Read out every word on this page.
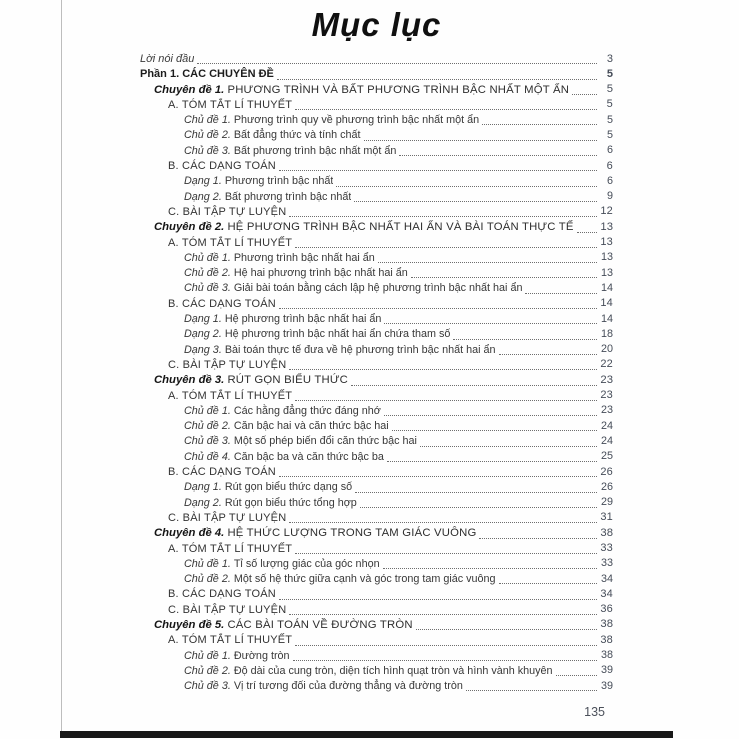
Mục lục
Lời nói đầu	3
Phần 1. CÁC CHUYÊN ĐỀ	5
Chuyên đề 1. PHƯƠNG TRÌNH VÀ BẤT PHƯƠNG TRÌNH BẬC NHẤT MỘT ẨN	5
A. TÓM TẮT LÍ THUYẾT	5
Chủ đề 1. Phương trình quy về phương trình bậc nhất một ẩn	5
Chủ đề 2. Bất đẳng thức và tính chất	5
Chủ đề 3. Bất phương trình bậc nhất một ẩn	6
B. CÁC DẠNG TOÁN	6
Dạng 1. Phương trình bậc nhất	6
Dạng 2. Bất phương trình bậc nhất	9
C. BÀI TẬP TỰ LUYỆN	12
Chuyên đề 2. HỆ PHƯƠNG TRÌNH BẬC NHẤT HAI ẨN VÀ BÀI TOÁN THỰC TẾ 13
A. TÓM TẮT LÍ THUYẾT	13
Chủ đề 1. Phương trình bậc nhất hai ẩn	13
Chủ đề 2. Hệ hai phương trình bậc nhất hai ẩn	13
Chủ đề 3. Giải bài toán bằng cách lập hệ phương trình bậc nhất hai ẩn	14
B. CÁC DẠNG TOÁN	14
Dạng 1. Hệ phương trình bậc nhất hai ẩn	14
Dạng 2. Hệ phương trình bậc nhất hai ẩn chứa tham số	18
Dạng 3. Bài toán thực tế đưa về hệ phương trình bậc nhất hai ẩn	20
C. BÀI TẬP TỰ LUYỆN	22
Chuyên đề 3. RÚT GỌN BIỂU THỨC	23
A. TÓM TẮT LÍ THUYẾT	23
Chủ đề 1. Các hằng đẳng thức đáng nhớ	23
Chủ đề 2. Căn bậc hai và căn thức bậc hai	24
Chủ đề 3. Một số phép biến đổi căn thức bậc hai	24
Chủ đề 4. Căn bậc ba và căn thức bậc ba	25
B. CÁC DẠNG TOÁN	26
Dạng 1. Rút gọn biểu thức dạng số	26
Dạng 2. Rút gọn biểu thức tổng hợp	29
C. BÀI TẬP TỰ LUYỆN	31
Chuyên đề 4. HỆ THỨC LƯỢNG TRONG TAM GIÁC VUÔNG	38
A. TÓM TẮT LÍ THUYẾT	33
Chủ đề 1. Tỉ số lượng giác của góc nhọn	33
Chủ đề 2. Một số hệ thức giữa cạnh và góc trong tam giác vuông	34
B. CÁC DẠNG TOÁN	34
C. BÀI TẬP TỰ LUYỆN	36
Chuyên đề 5. CÁC BÀI TOÁN VỀ ĐƯỜNG TRÒN	38
A. TÓM TẮT LÍ THUYẾT	38
Chủ đề 1. Đường tròn	38
Chủ đề 2. Độ dài của cung tròn, diện tích hình quạt tròn và hình vành khuyên	39
Chủ đề 3. Vị trí tương đối của đường thẳng và đường tròn	39
135
